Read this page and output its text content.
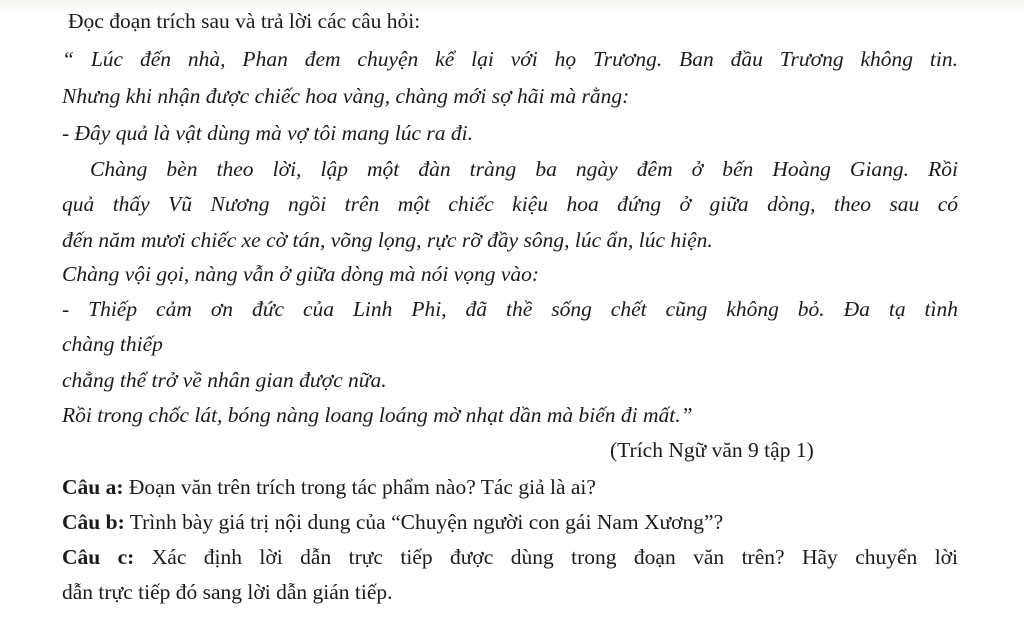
Đọc đoạn trích sau và trả lời các câu hỏi:
“ Lúc đến nhà, Phan đem chuyện kể lại với họ Trương. Ban đầu Trương không tin.
Nhưng khi nhận được chiếc hoa vàng, chàng mới sợ hãi mà rằng:
- Đây quả là vật dùng mà vợ tôi mang lúc ra đi.
Chàng bèn theo lời, lập một đàn tràng ba ngày đêm ở bến Hoàng Giang. Rồi
quả thấy Vũ Nương ngồi trên một chiếc kiệu hoa đứng ở giữa dòng, theo sau có
đến năm mươi chiếc xe cờ tán, võng lọng, rực rỡ đầy sông, lúc ẩn, lúc hiện.
Chàng vội gọi, nàng vẫn ở giữa dòng mà nói vọng vào:
- Thiếp cảm ơn đức của Linh Phi, đã thề sống chết cũng không bỏ. Đa tạ tình
chàng thiếp
chẳng thể trở về nhân gian được nữa.
Rồi trong chốc lát, bóng nàng loang loáng mờ nhạt dần mà biến đi mất.”
(Trích Ngữ văn 9 tập 1)
Câu a: Đoạn văn trên trích trong tác phẩm nào? Tác giả là ai?
Câu b: Trình bày giá trị nội dung của “Chuyện người con gái Nam Xương”?
Câu c: Xác định lời dẫn trực tiếp được dùng trong đoạn văn trên? Hãy chuyển lời
dẫn trực tiếp đó sang lời dẫn gián tiếp.
